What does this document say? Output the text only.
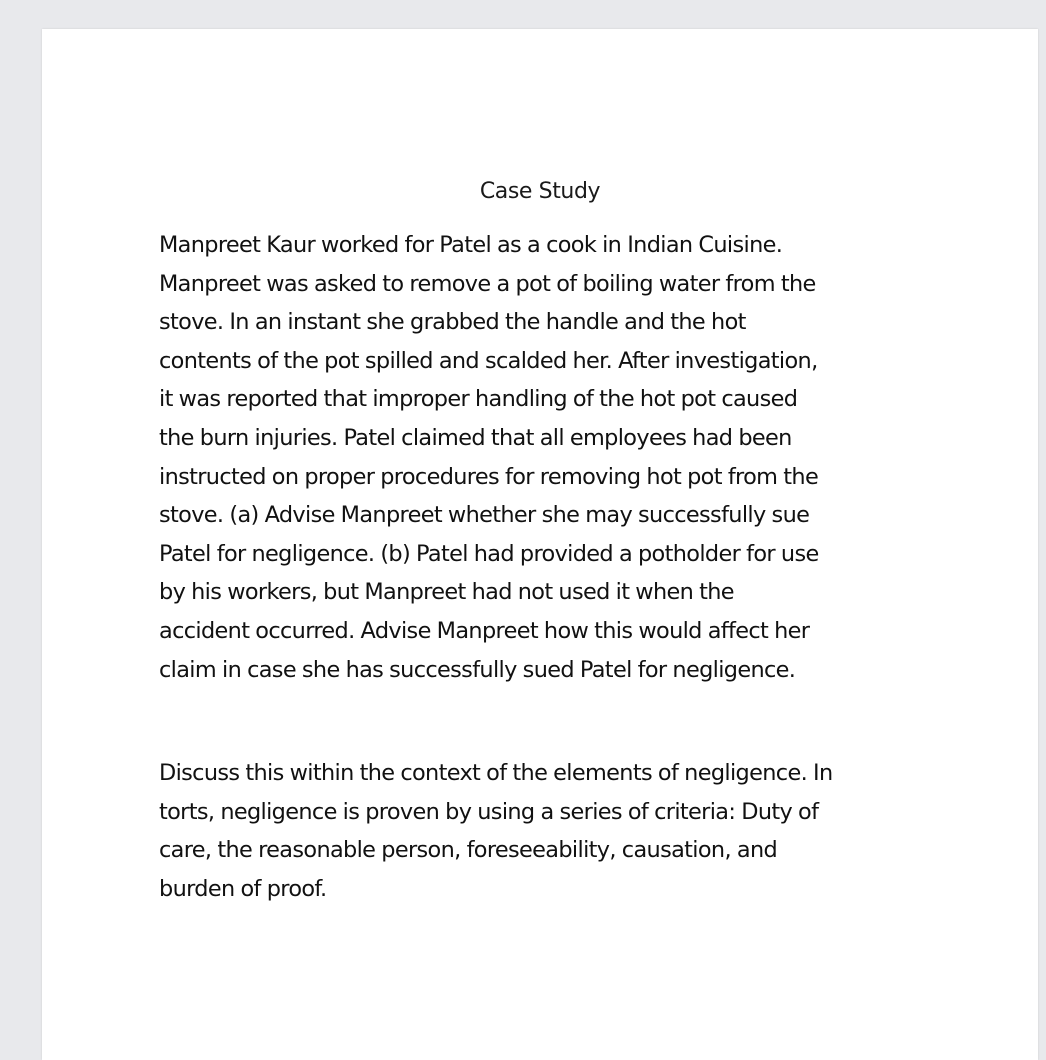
Case Study
Manpreet Kaur worked for Patel as a cook in Indian Cuisine.
Manpreet was asked to remove a pot of boiling water from the
stove. In an instant she grabbed the handle and the hot
contents of the pot spilled and scalded her. After investigation,
it was reported that improper handling of the hot pot caused
the burn injuries. Patel claimed that all employees had been
instructed on proper procedures for removing hot pot from the
stove. (a) Advise Manpreet whether she may successfully sue
Patel for negligence. (b) Patel had provided a potholder for use
by his workers, but Manpreet had not used it when the
accident occurred. Advise Manpreet how this would affect her
claim in case she has successfully sued Patel for negligence.
Discuss this within the context of the elements of negligence. In
torts, negligence is proven by using a series of criteria: Duty of
care, the reasonable person, foreseeability, causation, and
burden of proof.
